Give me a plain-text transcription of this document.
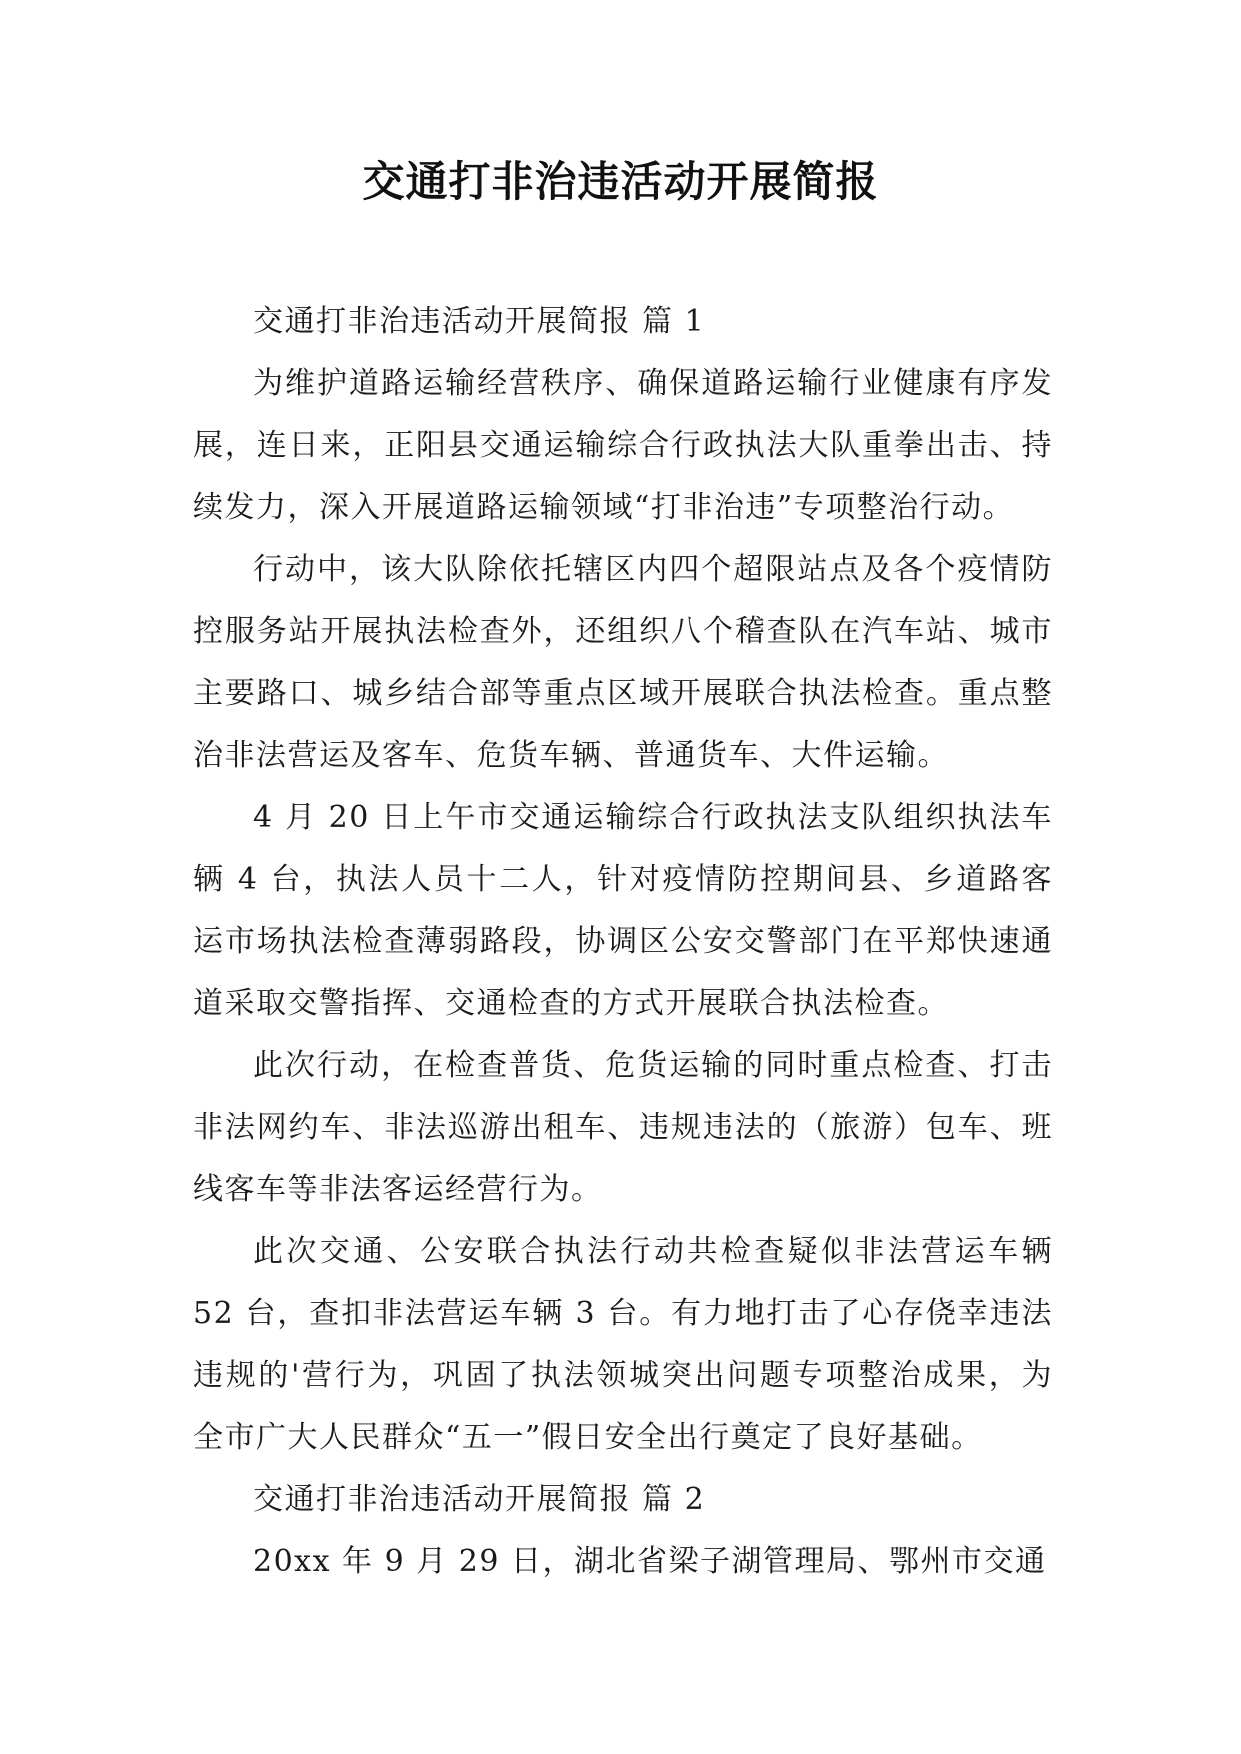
交通打非治违活动开展简报

交通打非治违活动开展简报 篇 1

为维护道路运输经营秩序、确保道路运输行业健康有序发展，连日来，正阳县交通运输综合行政执法大队重拳出击、持续发力，深入开展道路运输领域“打非治违”专项整治行动。

行动中，该大队除依托辖区内四个超限站点及各个疫情防控服务站开展执法检查外，还组织八个稽查队在汽车站、城市主要路口、城乡结合部等重点区域开展联合执法检查。重点整治非法营运及客车、危货车辆、普通货车、大件运输。

4 月 20 日上午市交通运输综合行政执法支队组织执法车辆 4 台，执法人员十二人，针对疫情防控期间县、乡道路客运市场执法检查薄弱路段，协调区公安交警部门在平郑快速通道采取交警指挥、交通检查的方式开展联合执法检查。

此次行动，在检查普货、危货运输的同时重点检查、打击非法网约车、非法巡游出租车、违规违法的（旅游）包车、班线客车等非法客运经营行为。

此次交通、公安联合执法行动共检查疑似非法营运车辆 52 台，查扣非法营运车辆 3 台。有力地打击了心存侥幸违法违规的'营行为，巩固了执法领城突出问题专项整治成果，为全市广大人民群众“五一”假日安全出行奠定了良好基础。

交通打非治违活动开展简报 篇 2

20xx 年 9 月 29 日，湖北省梁子湖管理局、鄂州市交通
